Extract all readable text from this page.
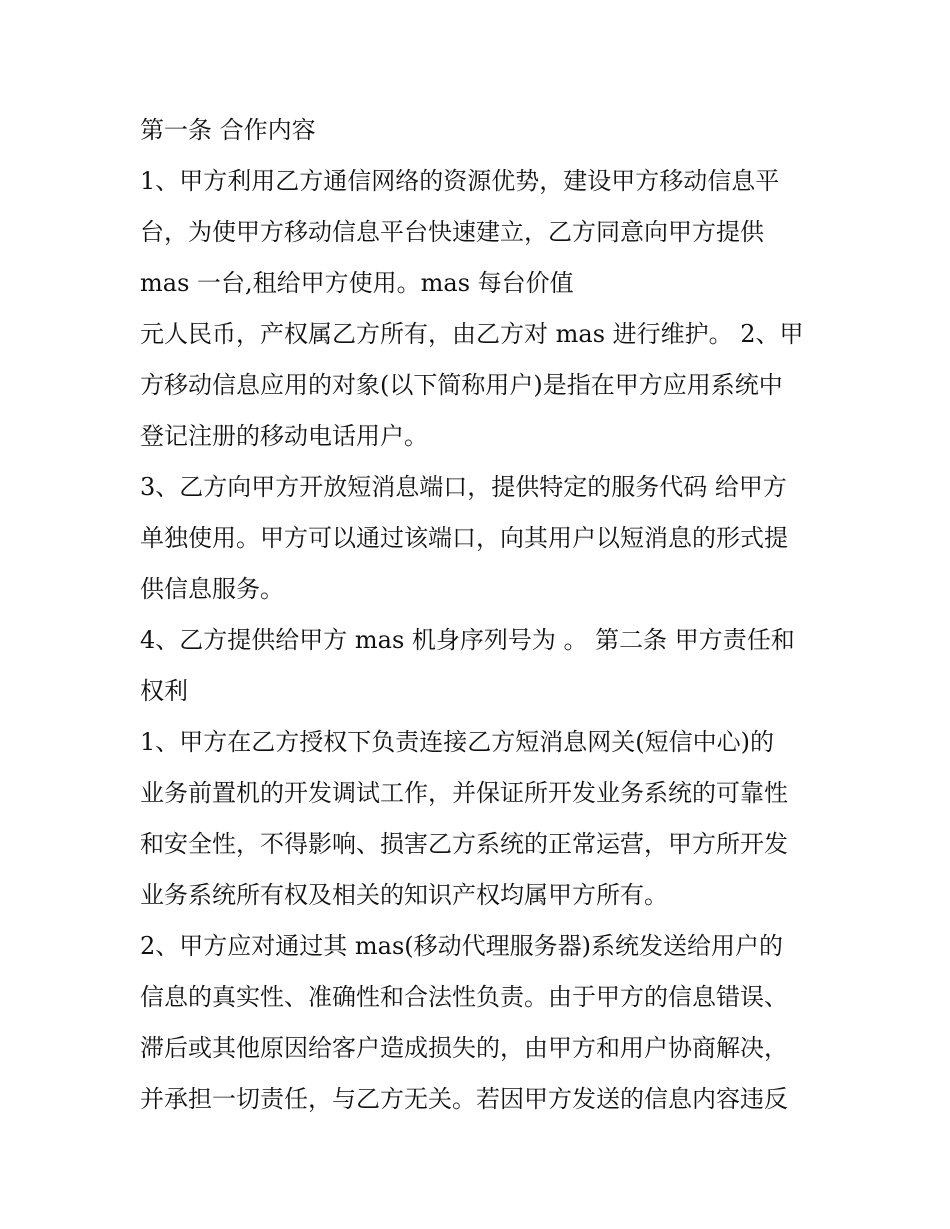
第一条 合作内容
1、甲方利用乙方通信网络的资源优势，建设甲方移动信息平
台，为使甲方移动信息平台快速建立，乙方同意向甲方提供
mas 一台,租给甲方使用。mas 每台价值
元人民币，产权属乙方所有，由乙方对 mas 进行维护。 2、甲
方移动信息应用的对象(以下简称用户)是指在甲方应用系统中
登记注册的移动电话用户。
3、乙方向甲方开放短消息端口，提供特定的服务代码 给甲方
单独使用。甲方可以通过该端口，向其用户以短消息的形式提
供信息服务。
4、乙方提供给甲方 mas 机身序列号为 。 第二条 甲方责任和
权利
1、甲方在乙方授权下负责连接乙方短消息网关(短信中心)的
业务前置机的开发调试工作，并保证所开发业务系统的可靠性
和安全性，不得影响、损害乙方系统的正常运营，甲方所开发
业务系统所有权及相关的知识产权均属甲方所有。
2、甲方应对通过其 mas(移动代理服务器)系统发送给用户的
信息的真实性、准确性和合法性负责。由于甲方的信息错误、
滞后或其他原因给客户造成损失的，由甲方和用户协商解决，
并承担一切责任，与乙方无关。若因甲方发送的信息内容违反
